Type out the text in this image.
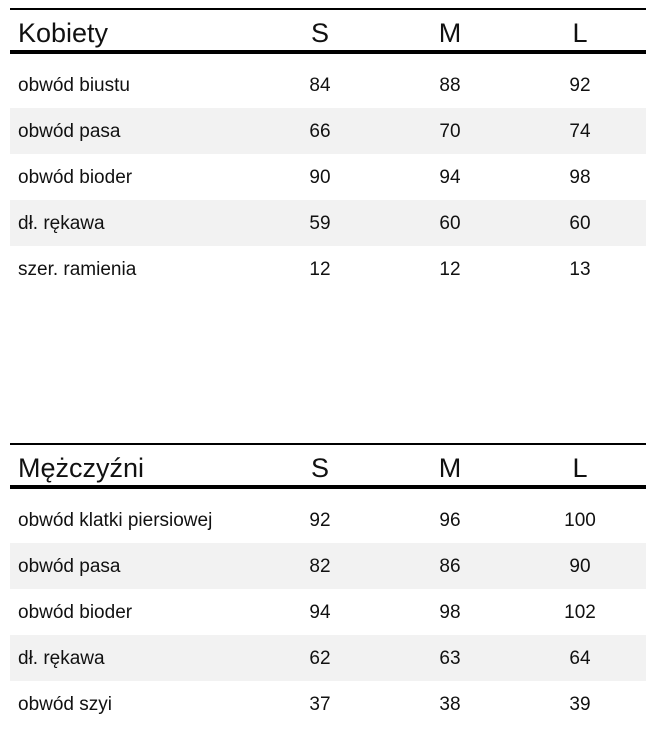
Kobiety	S	M	L
obwód biustu	84	88	92
obwód pasa	66	70	74
obwód bioder	90	94	98
dł. rękawa	59	60	60
szer. ramienia	12	12	13
Mężczyźni	S	M	L
obwód klatki piersiowej	92	96	100
obwód pasa	82	86	90
obwód bioder	94	98	102
dł. rękawa	62	63	64
obwód szyi	37	38	39
